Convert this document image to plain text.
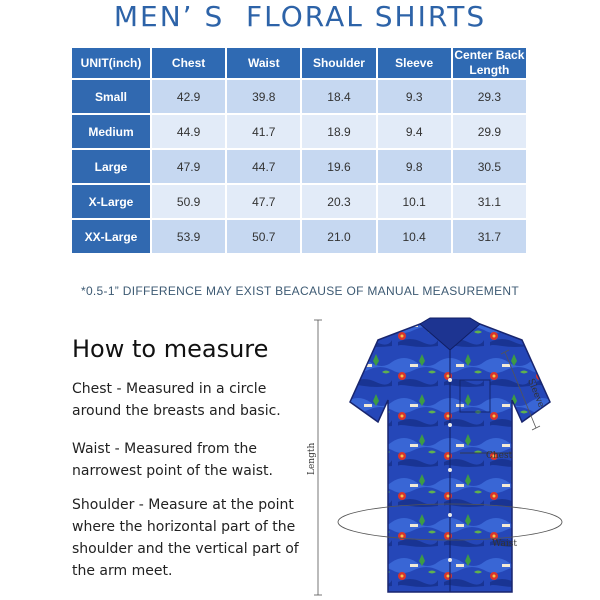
MEN’ S  FLORAL SHIRTS
UNIT(inch)	Chest	Waist	Shoulder	Sleeve	Center Back Length
Small	42.9	39.8	18.4	9.3	29.3
Medium	44.9	41.7	18.9	9.4	29.9
Large	47.9	44.7	19.6	9.8	30.5
X-Large	50.9	47.7	20.3	10.1	31.1
XX-Large	53.9	50.7	21.0	10.4	31.7
*0.5-1” DIFFERENCE MAY EXIST BEACAUSE OF MANUAL MEASUREMENT
How to measure
Chest - Measured in a circle around the breasts and basic.
Waist - Measured from the narrowest point of the waist.
Shoulder - Measure at the point where the horizontal part of the shoulder and the vertical part of the arm meet.
Length
Sleeve
Chest
Waist
